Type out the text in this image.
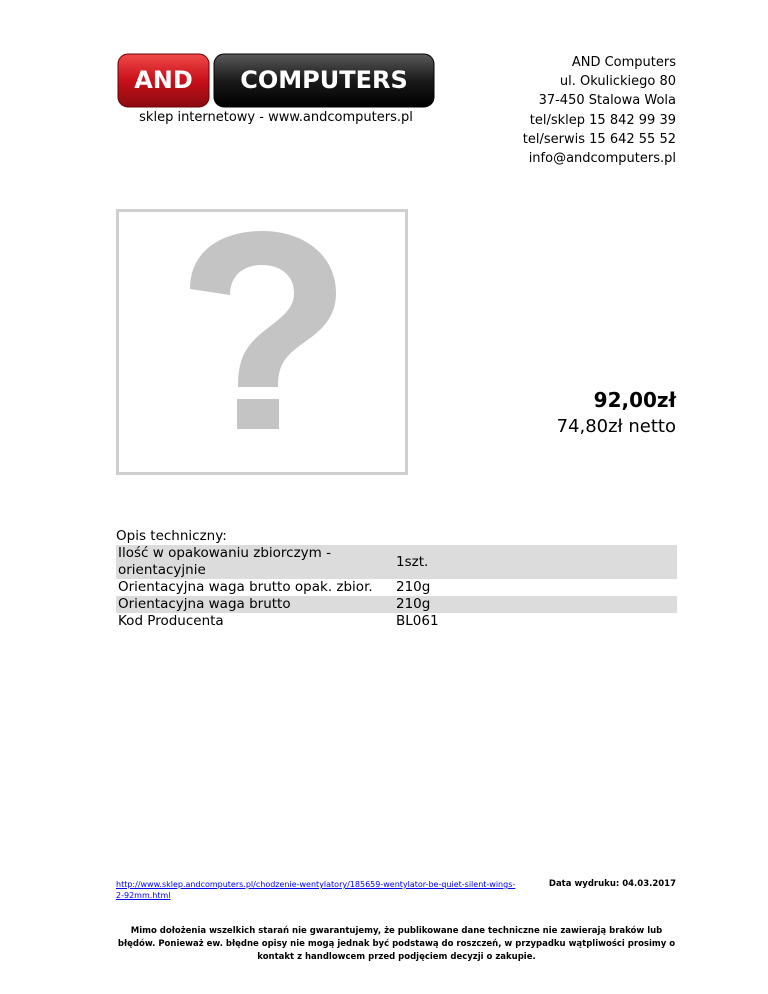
AND COMPUTERS
sklep internetowy - www.andcomputers.pl
AND Computers
ul. Okulickiego 80
37-450 Stalowa Wola
tel/sklep 15 842 99 39
tel/serwis 15 642 55 52
info@andcomputers.pl
92,00zł
74,80zł netto
Opis techniczny:
Ilość w opakowaniu zbiorczym - orientacyjnie	1szt.
Orientacyjna waga brutto opak. zbior.	210g
Orientacyjna waga brutto	210g
Kod Producenta	BL061
http://www.sklep.andcomputers.pl/chodzenie-wentylatory/185659-wentylator-be-quiet-silent-wings-2-92mm.html
Data wydruku: 04.03.2017
Mimo dołożenia wszelkich starań nie gwarantujemy, że publikowane dane techniczne nie zawierają braków lub błędów. Ponieważ ew. błędne opisy nie mogą jednak być podstawą do roszczeń, w przypadku wątpliwości prosimy o kontakt z handlowcem przed podjęciem decyzji o zakupie.
